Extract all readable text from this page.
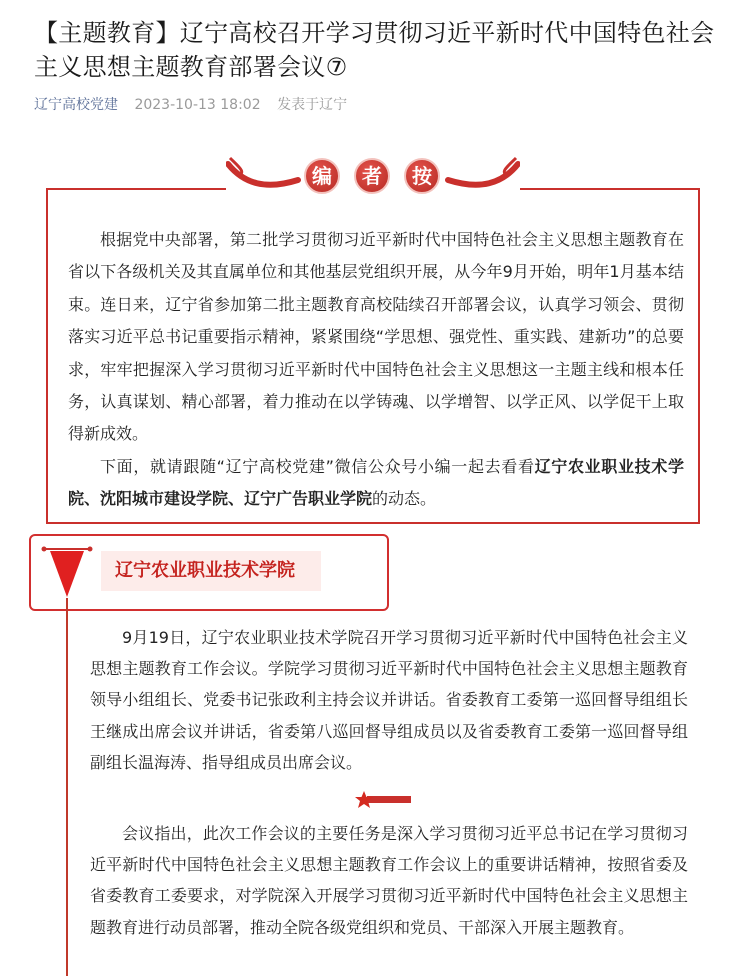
【主题教育】辽宁高校召开学习贯彻习近平新时代中国特色社会主义思想主题教育部署会议⑦
辽宁高校党建 2023-10-13 18:02 发表于辽宁
编	者	按

根据党中央部署，第二批学习贯彻习近平新时代中国特色社会主义思想主题教育在省以下各级机关及其直属单位和其他基层党组织开展，从今年9月开始，明年1月基本结束。连日来，辽宁省参加第二批主题教育高校陆续召开部署会议，认真学习领会、贯彻落实习近平总书记重要指示精神，紧紧围绕“学思想、强党性、重实践、建新功”的总要求，牢牢把握深入学习贯彻习近平新时代中国特色社会主义思想这一主题主线和根本任务，认真谋划、精心部署，着力推动在以学铸魂、以学增智、以学正风、以学促干上取得新成效。

下面，就请跟随“辽宁高校党建”微信公众号小编一起去看看辽宁农业职业技术学院、沈阳城市建设学院、辽宁广告职业学院的动态。

辽宁农业职业技术学院

9月19日，辽宁农业职业技术学院召开学习贯彻习近平新时代中国特色社会主义思想主题教育工作会议。学院学习贯彻习近平新时代中国特色社会主义思想主题教育领导小组组长、党委书记张政利主持会议并讲话。省委教育工委第一巡回督导组组长王继成出席会议并讲话，省委第八巡回督导组成员以及省委教育工委第一巡回督导组副组长温海涛、指导组成员出席会议。

会议指出，此次工作会议的主要任务是深入学习贯彻习近平总书记在学习贯彻习近平新时代中国特色社会主义思想主题教育工作会议上的重要讲话精神，按照省委及省委教育工委要求，对学院深入开展学习贯彻习近平新时代中国特色社会主义思想主题教育进行动员部署，推动全院各级党组织和党员、干部深入开展主题教育。
